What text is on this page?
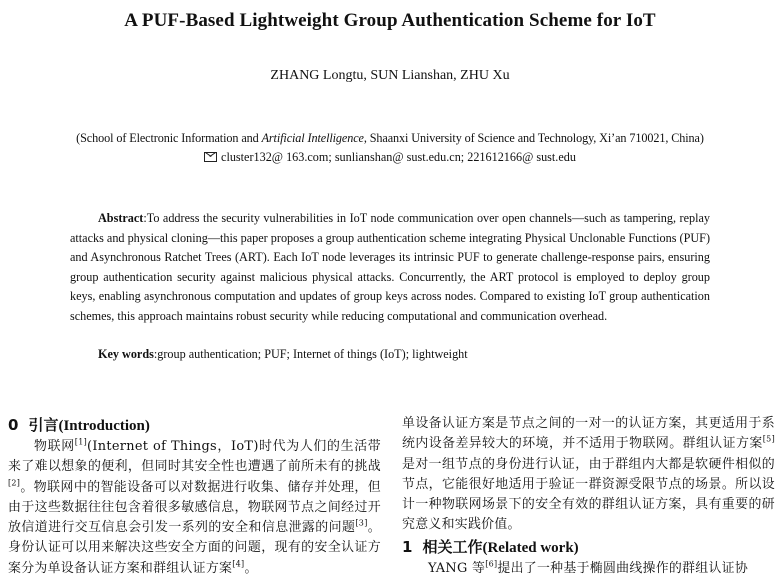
A PUF-Based Lightweight Group Authentication Scheme for IoT
ZHANG Longtu, SUN Lianshan, ZHU Xu
(School of Electronic Information and Artificial Intelligence, Shaanxi University of Science and Technology, Xi’an 710021, China)
cluster132@ 163.com; sunlianshan@ sust.edu.cn; 221612166@ sust.edu
Abstract:To address the security vulnerabilities in IoT node communication over open channels—such as tampering, replay attacks and physical cloning—this paper proposes a group authentication scheme integrating Physical Unclonable Functions (PUF) and Asynchronous Ratchet Trees (ART). Each IoT node leverages its intrinsic PUF to generate challenge-response pairs, ensuring group authentication security against malicious physical attacks. Concurrently, the ART protocol is employed to deploy group keys, enabling asynchronous computation and updates of group keys across nodes. Compared to existing IoT group authentication schemes, this approach maintains robust security while reducing computational and communication overhead.
Key words:group authentication; PUF; Internet of things (IoT); lightweight
0 引言(Introduction)

物联网[1](Internet of Things，IoT)时代为人们的生活带来了难以想象的便利，但同时其安全性也遭遇了前所未有的挑战[2]。物联网中的智能设备可以对数据进行收集、储存并处理，但由于这些数据往往包含着很多敏感信息，物联网节点之间经过开放信道进行交互信息会引发一系列的安全和信息泄露的问题[3]。身份认证可以用来解决这些安全方面的问题，现有的安全认证方案分为单设备认证方案和群组认证方案[4]。

单设备认证方案是节点之间的一对一的认证方案，其更适用于系统内设备差异较大的环境，并不适用于物联网。群组认证方案[5]是对一组节点的身份进行认证，由于群组内大都是软硬件相似的节点，它能很好地适用于验证一群资源受限节点的场景。所以设计一种物联网场景下的安全有效的群组认证方案，具有重要的研究意义和实践价值。

1 相关工作(Related work)

YANG 等[6]提出了一种基于椭圆曲线操作的群组认证协
